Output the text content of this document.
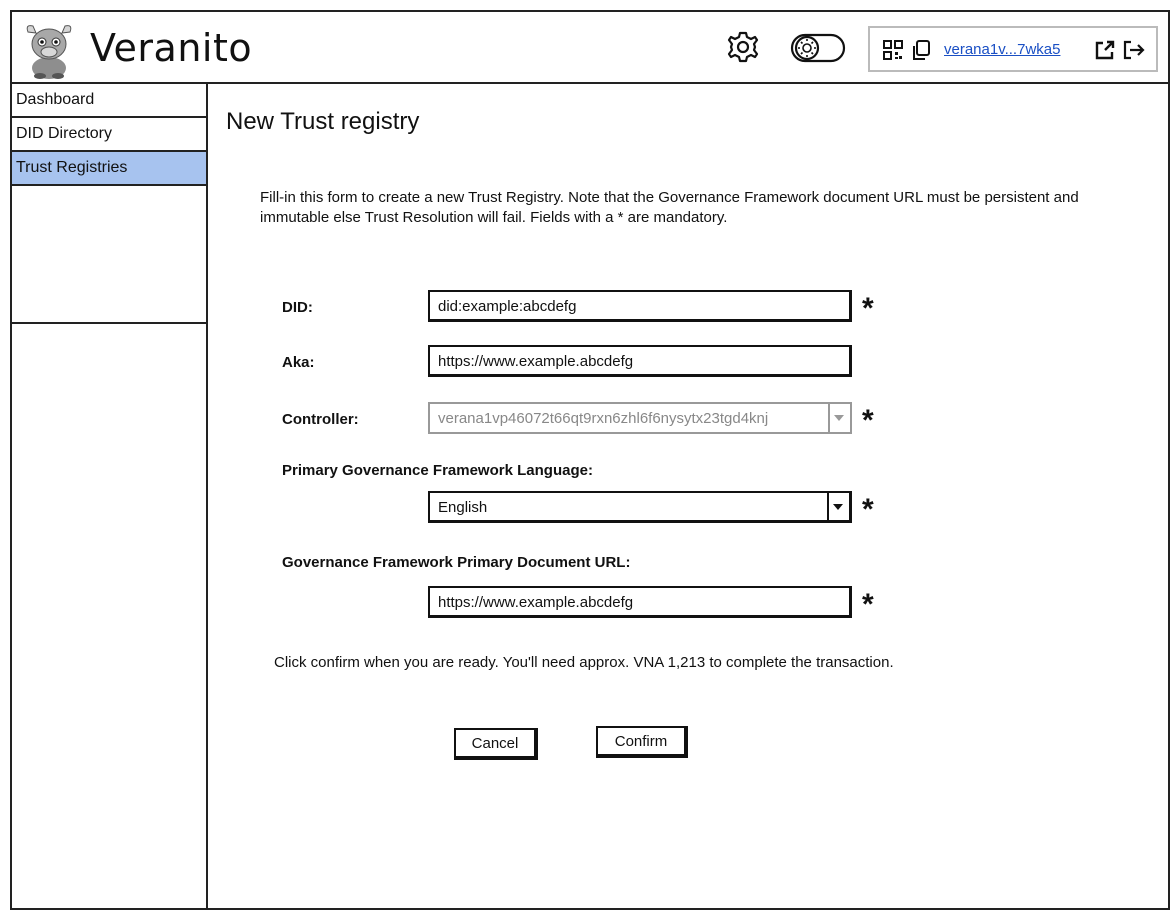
Veranito	verana1v...7wka5
Dashboard
DID Directory
Trust Registries
New Trust registry
Fill-in this form to create a new Trust Registry. Note that the Governance Framework document URL must be persistent and immutable else Trust Resolution will fail. Fields with a * are mandatory.
DID:	did:example:abcdefg	*
Aka:	https://www.example.abcdefg
Controller:	verana1vp46072t66qt9rxn6zhl6f6nysytx23tgd4knj	*
Primary Governance Framework Language:
English	*
Governance Framework Primary Document URL:
https://www.example.abcdefg	*
Click confirm when you are ready. You'll need approx. VNA 1,213 to complete the transaction.
Cancel	Confirm
